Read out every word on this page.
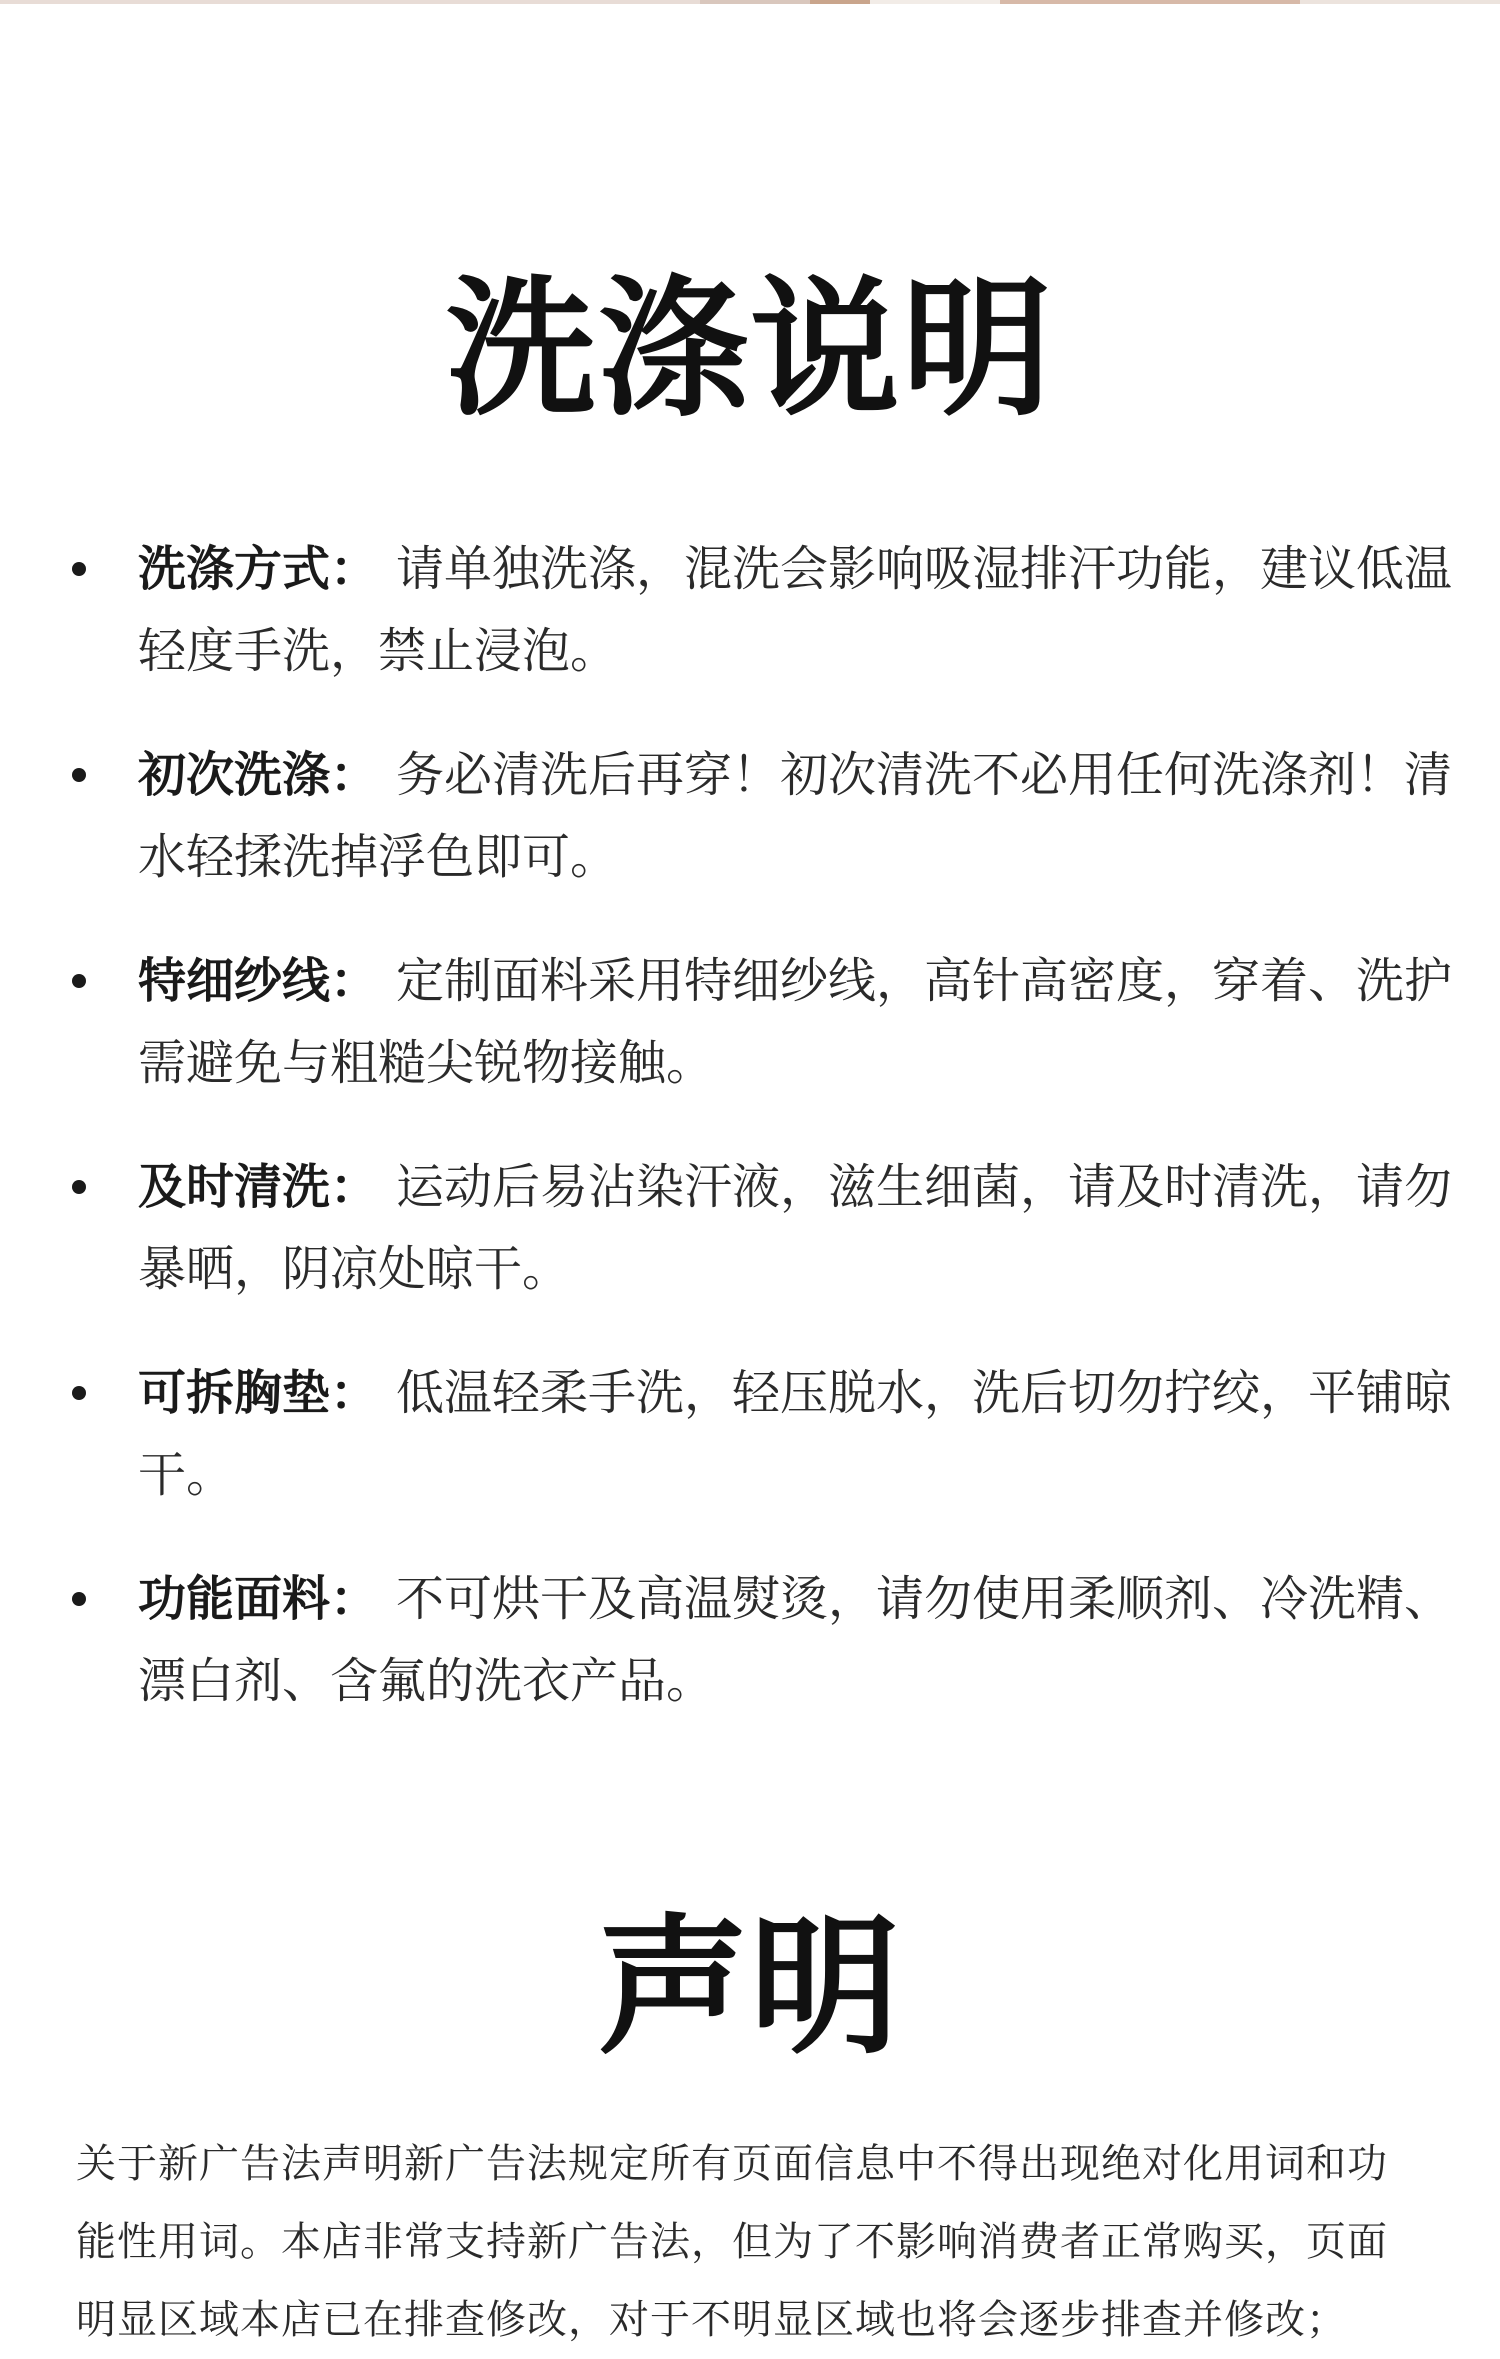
洗涤说明
洗涤方式： 请单独洗涤，混洗会影响吸湿排汗功能，建议低温轻度手洗，禁止浸泡。
初次洗涤： 务必清洗后再穿！初次清洗不必用任何洗涤剂！清水轻揉洗掉浮色即可。
特细纱线： 定制面料采用特细纱线，高针高密度，穿着、洗护需避免与粗糙尖锐物接触。
及时清洗： 运动后易沾染汗液，滋生细菌，请及时清洗，请勿暴晒，阴凉处晾干。
可拆胸垫： 低温轻柔手洗，轻压脱水，洗后切勿拧绞，平铺晾干。
功能面料： 不可烘干及高温熨烫，请勿使用柔顺剂、冷洗精、漂白剂、含氟的洗衣产品。
声明

关于新广告法声明新广告法规定所有页面信息中不得出现绝对化用词和功能性用词。本店非常支持新广告法，但为了不影响消费者正常购买，页面明显区域本店已在排查修改，对于不明显区域也将会逐步排查并修改；
